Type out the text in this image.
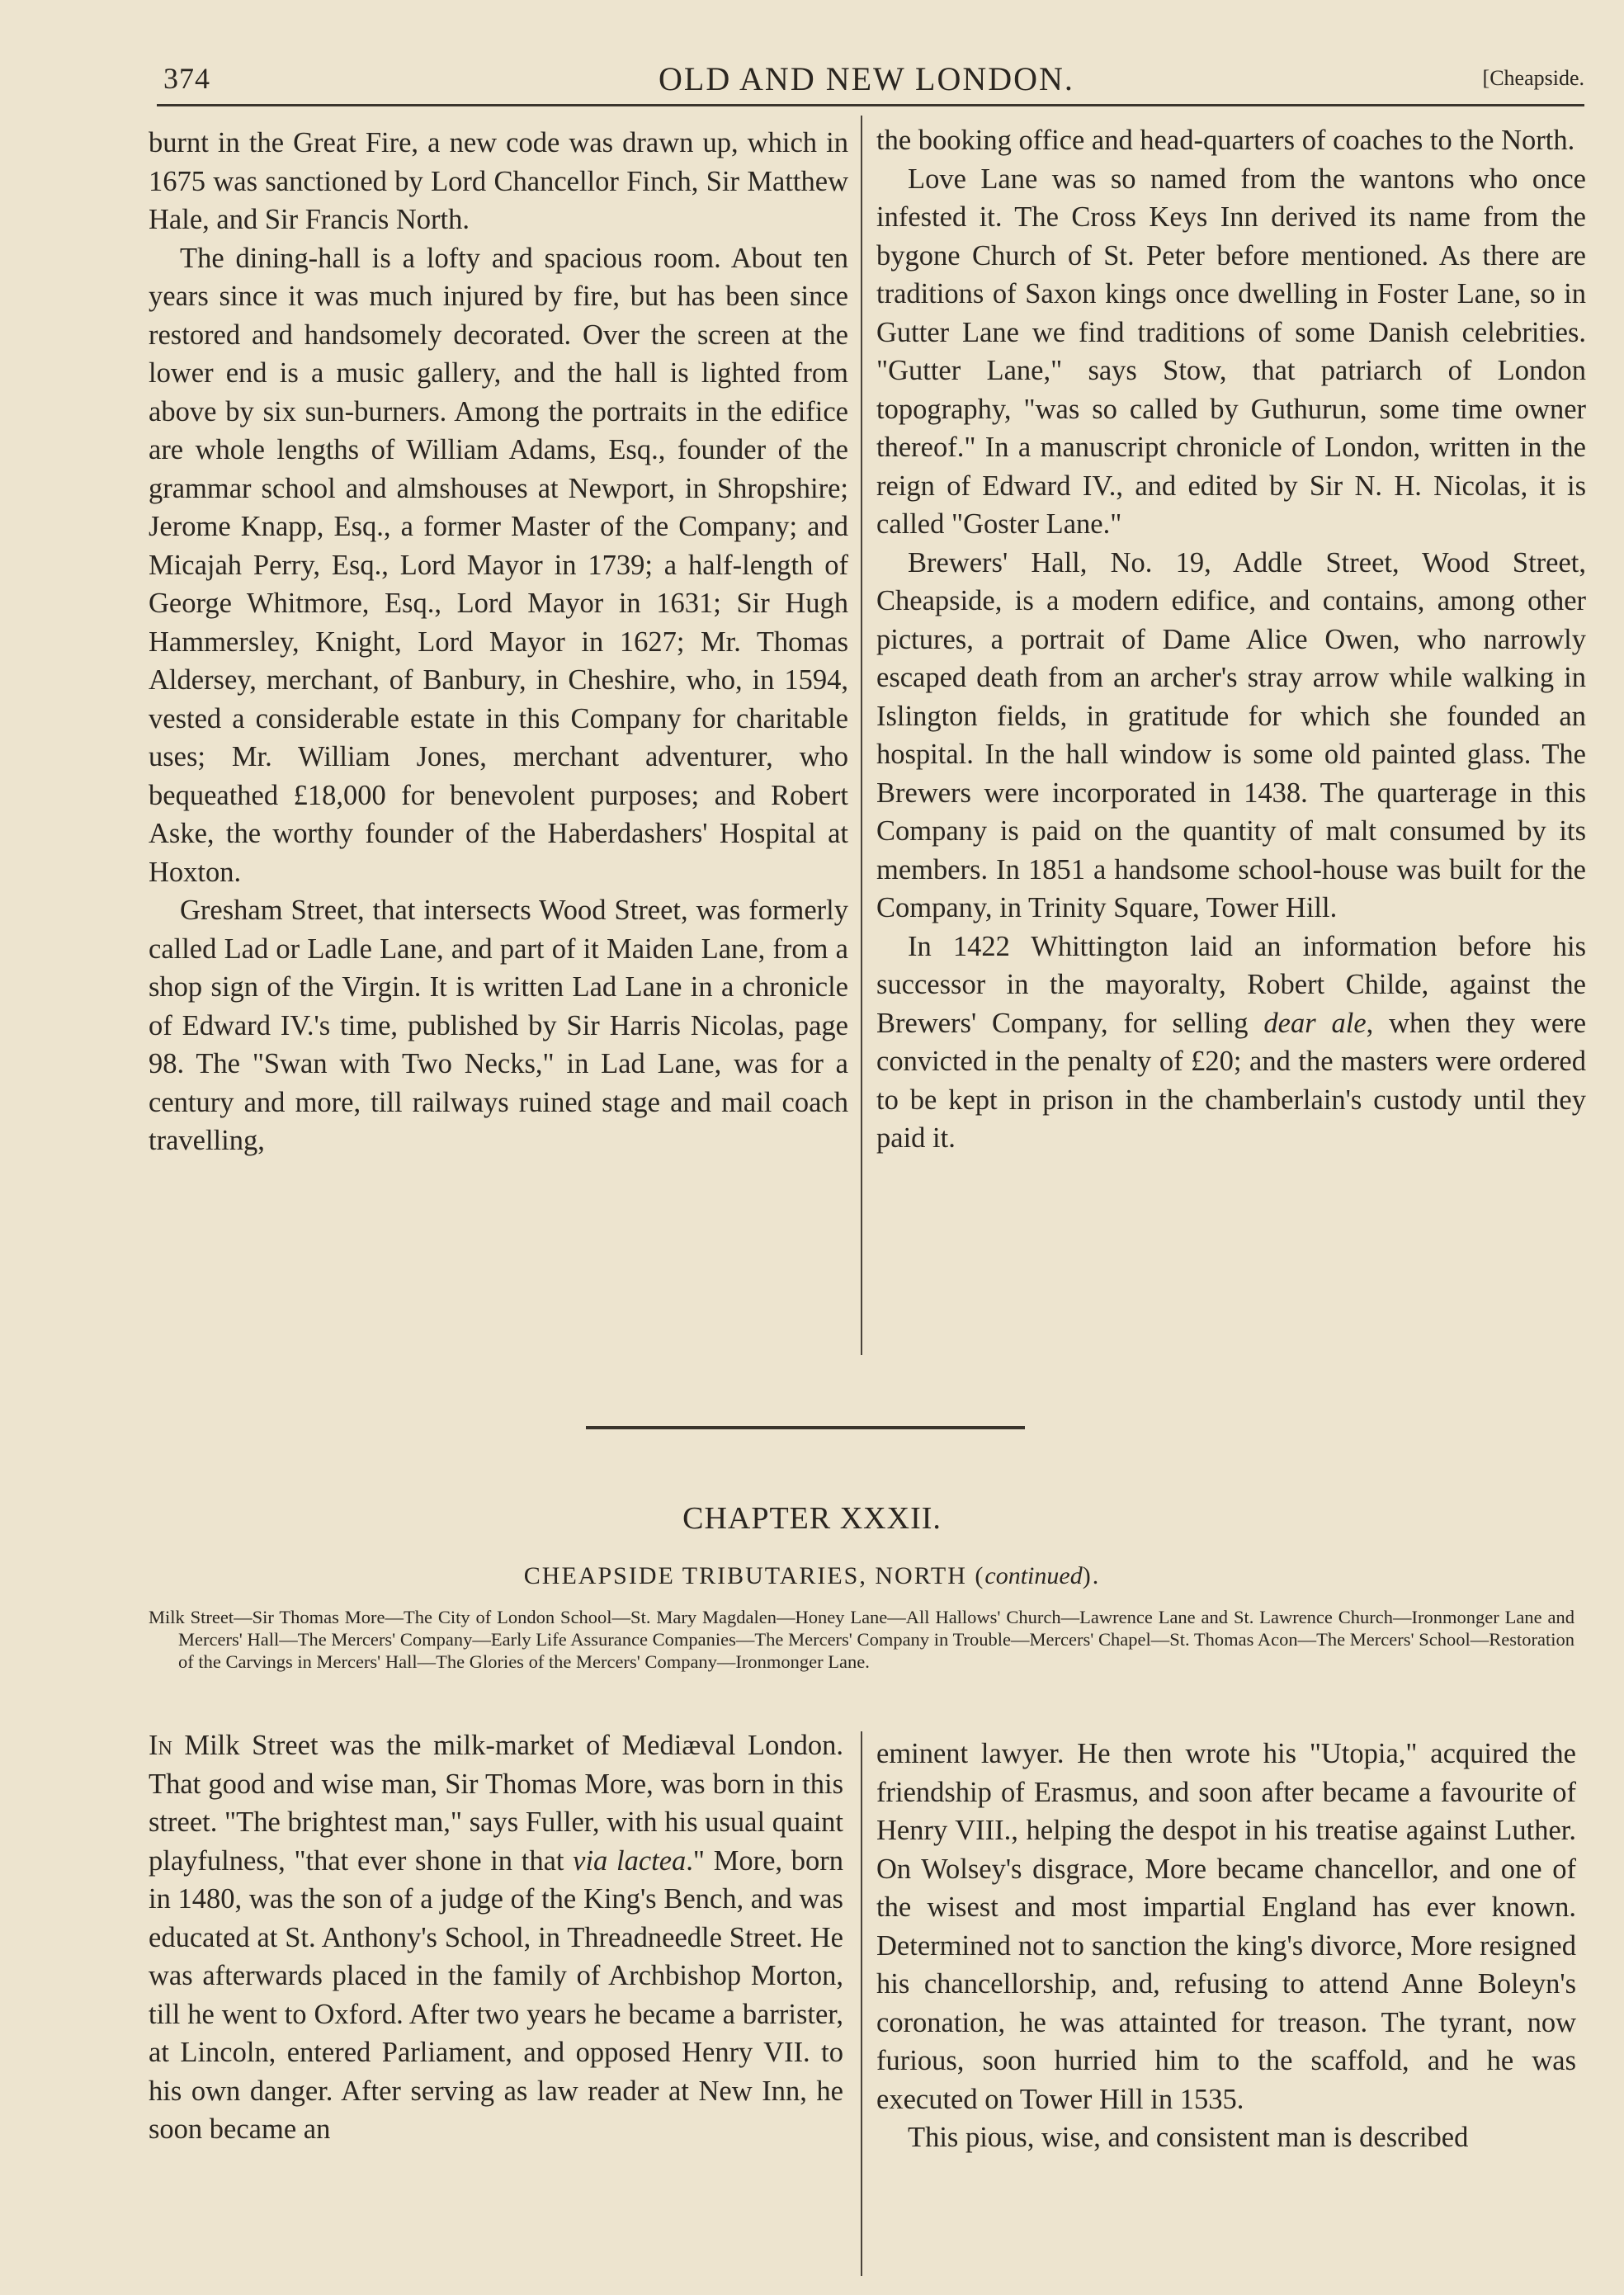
374	OLD AND NEW LONDON.	[Cheapside.

burnt in the Great Fire, a new code was drawn up, which in 1675 was sanctioned by Lord Chancellor Finch, Sir Matthew Hale, and Sir Francis North.

The dining-hall is a lofty and spacious room. About ten years since it was much injured by fire, but has been since restored and handsomely decorated. Over the screen at the lower end is a music gallery, and the hall is lighted from above by six sun-burners. Among the portraits in the edifice are whole lengths of William Adams, Esq., founder of the grammar school and almshouses at Newport, in Shropshire; Jerome Knapp, Esq., a former Master of the Company; and Micajah Perry, Esq., Lord Mayor in 1739; a half-length of George Whitmore, Esq., Lord Mayor in 1631; Sir Hugh Hammersley, Knight, Lord Mayor in 1627; Mr. Thomas Aldersey, merchant, of Banbury, in Cheshire, who, in 1594, vested a considerable estate in this Company for charitable uses; Mr. William Jones, merchant adventurer, who bequeathed £18,000 for benevolent purposes; and Robert Aske, the worthy founder of the Haberdashers' Hospital at Hoxton.

Gresham Street, that intersects Wood Street, was formerly called Lad or Ladle Lane, and part of it Maiden Lane, from a shop sign of the Virgin. It is written Lad Lane in a chronicle of Edward IV.'s time, published by Sir Harris Nicolas, page 98. The "Swan with Two Necks," in Lad Lane, was for a century and more, till railways ruined stage and mail coach travelling,

the booking office and head-quarters of coaches to the North.

Love Lane was so named from the wantons who once infested it. The Cross Keys Inn derived its name from the bygone Church of St. Peter before mentioned. As there are traditions of Saxon kings once dwelling in Foster Lane, so in Gutter Lane we find traditions of some Danish celebrities. "Gutter Lane," says Stow, that patriarch of London topography, "was so called by Guthurun, some time owner thereof." In a manuscript chronicle of London, written in the reign of Edward IV., and edited by Sir N. H. Nicolas, it is called "Goster Lane."

Brewers' Hall, No. 19, Addle Street, Wood Street, Cheapside, is a modern edifice, and contains, among other pictures, a portrait of Dame Alice Owen, who narrowly escaped death from an archer's stray arrow while walking in Islington fields, in gratitude for which she founded an hospital. In the hall window is some old painted glass. The Brewers were incorporated in 1438. The quarterage in this Company is paid on the quantity of malt consumed by its members. In 1851 a handsome school-house was built for the Company, in Trinity Square, Tower Hill.

In 1422 Whittington laid an information before his successor in the mayoralty, Robert Childe, against the Brewers' Company, for selling dear ale, when they were convicted in the penalty of £20; and the masters were ordered to be kept in prison in the chamberlain's custody until they paid it.

CHAPTER XXXII.
CHEAPSIDE TRIBUTARIES, NORTH (continued).
Milk Street—Sir Thomas More—The City of London School—St. Mary Magdalen—Honey Lane—All Hallows' Church—Lawrence Lane and St. Lawrence Church—Ironmonger Lane and Mercers' Hall—The Mercers' Company—Early Life Assurance Companies—The Mercers' Company in Trouble—Mercers' Chapel—St. Thomas Acon—The Mercers' School—Restoration of the Carvings in Mercers' Hall—The Glories of the Mercers' Company—Ironmonger Lane.

In Milk Street was the milk-market of Mediæval London. That good and wise man, Sir Thomas More, was born in this street. "The brightest man," says Fuller, with his usual quaint playfulness, "that ever shone in that via lactea." More, born in 1480, was the son of a judge of the King's Bench, and was educated at St. Anthony's School, in Threadneedle Street. He was afterwards placed in the family of Archbishop Morton, till he went to Oxford. After two years he became a barrister, at Lincoln, entered Parliament, and opposed Henry VII. to his own danger. After serving as law reader at New Inn, he soon became an

eminent lawyer. He then wrote his "Utopia," acquired the friendship of Erasmus, and soon after became a favourite of Henry VIII., helping the despot in his treatise against Luther. On Wolsey's disgrace, More became chancellor, and one of the wisest and most impartial England has ever known. Determined not to sanction the king's divorce, More resigned his chancellorship, and, refusing to attend Anne Boleyn's coronation, he was attainted for treason. The tyrant, now furious, soon hurried him to the scaffold, and he was executed on Tower Hill in 1535.

This pious, wise, and consistent man is described
